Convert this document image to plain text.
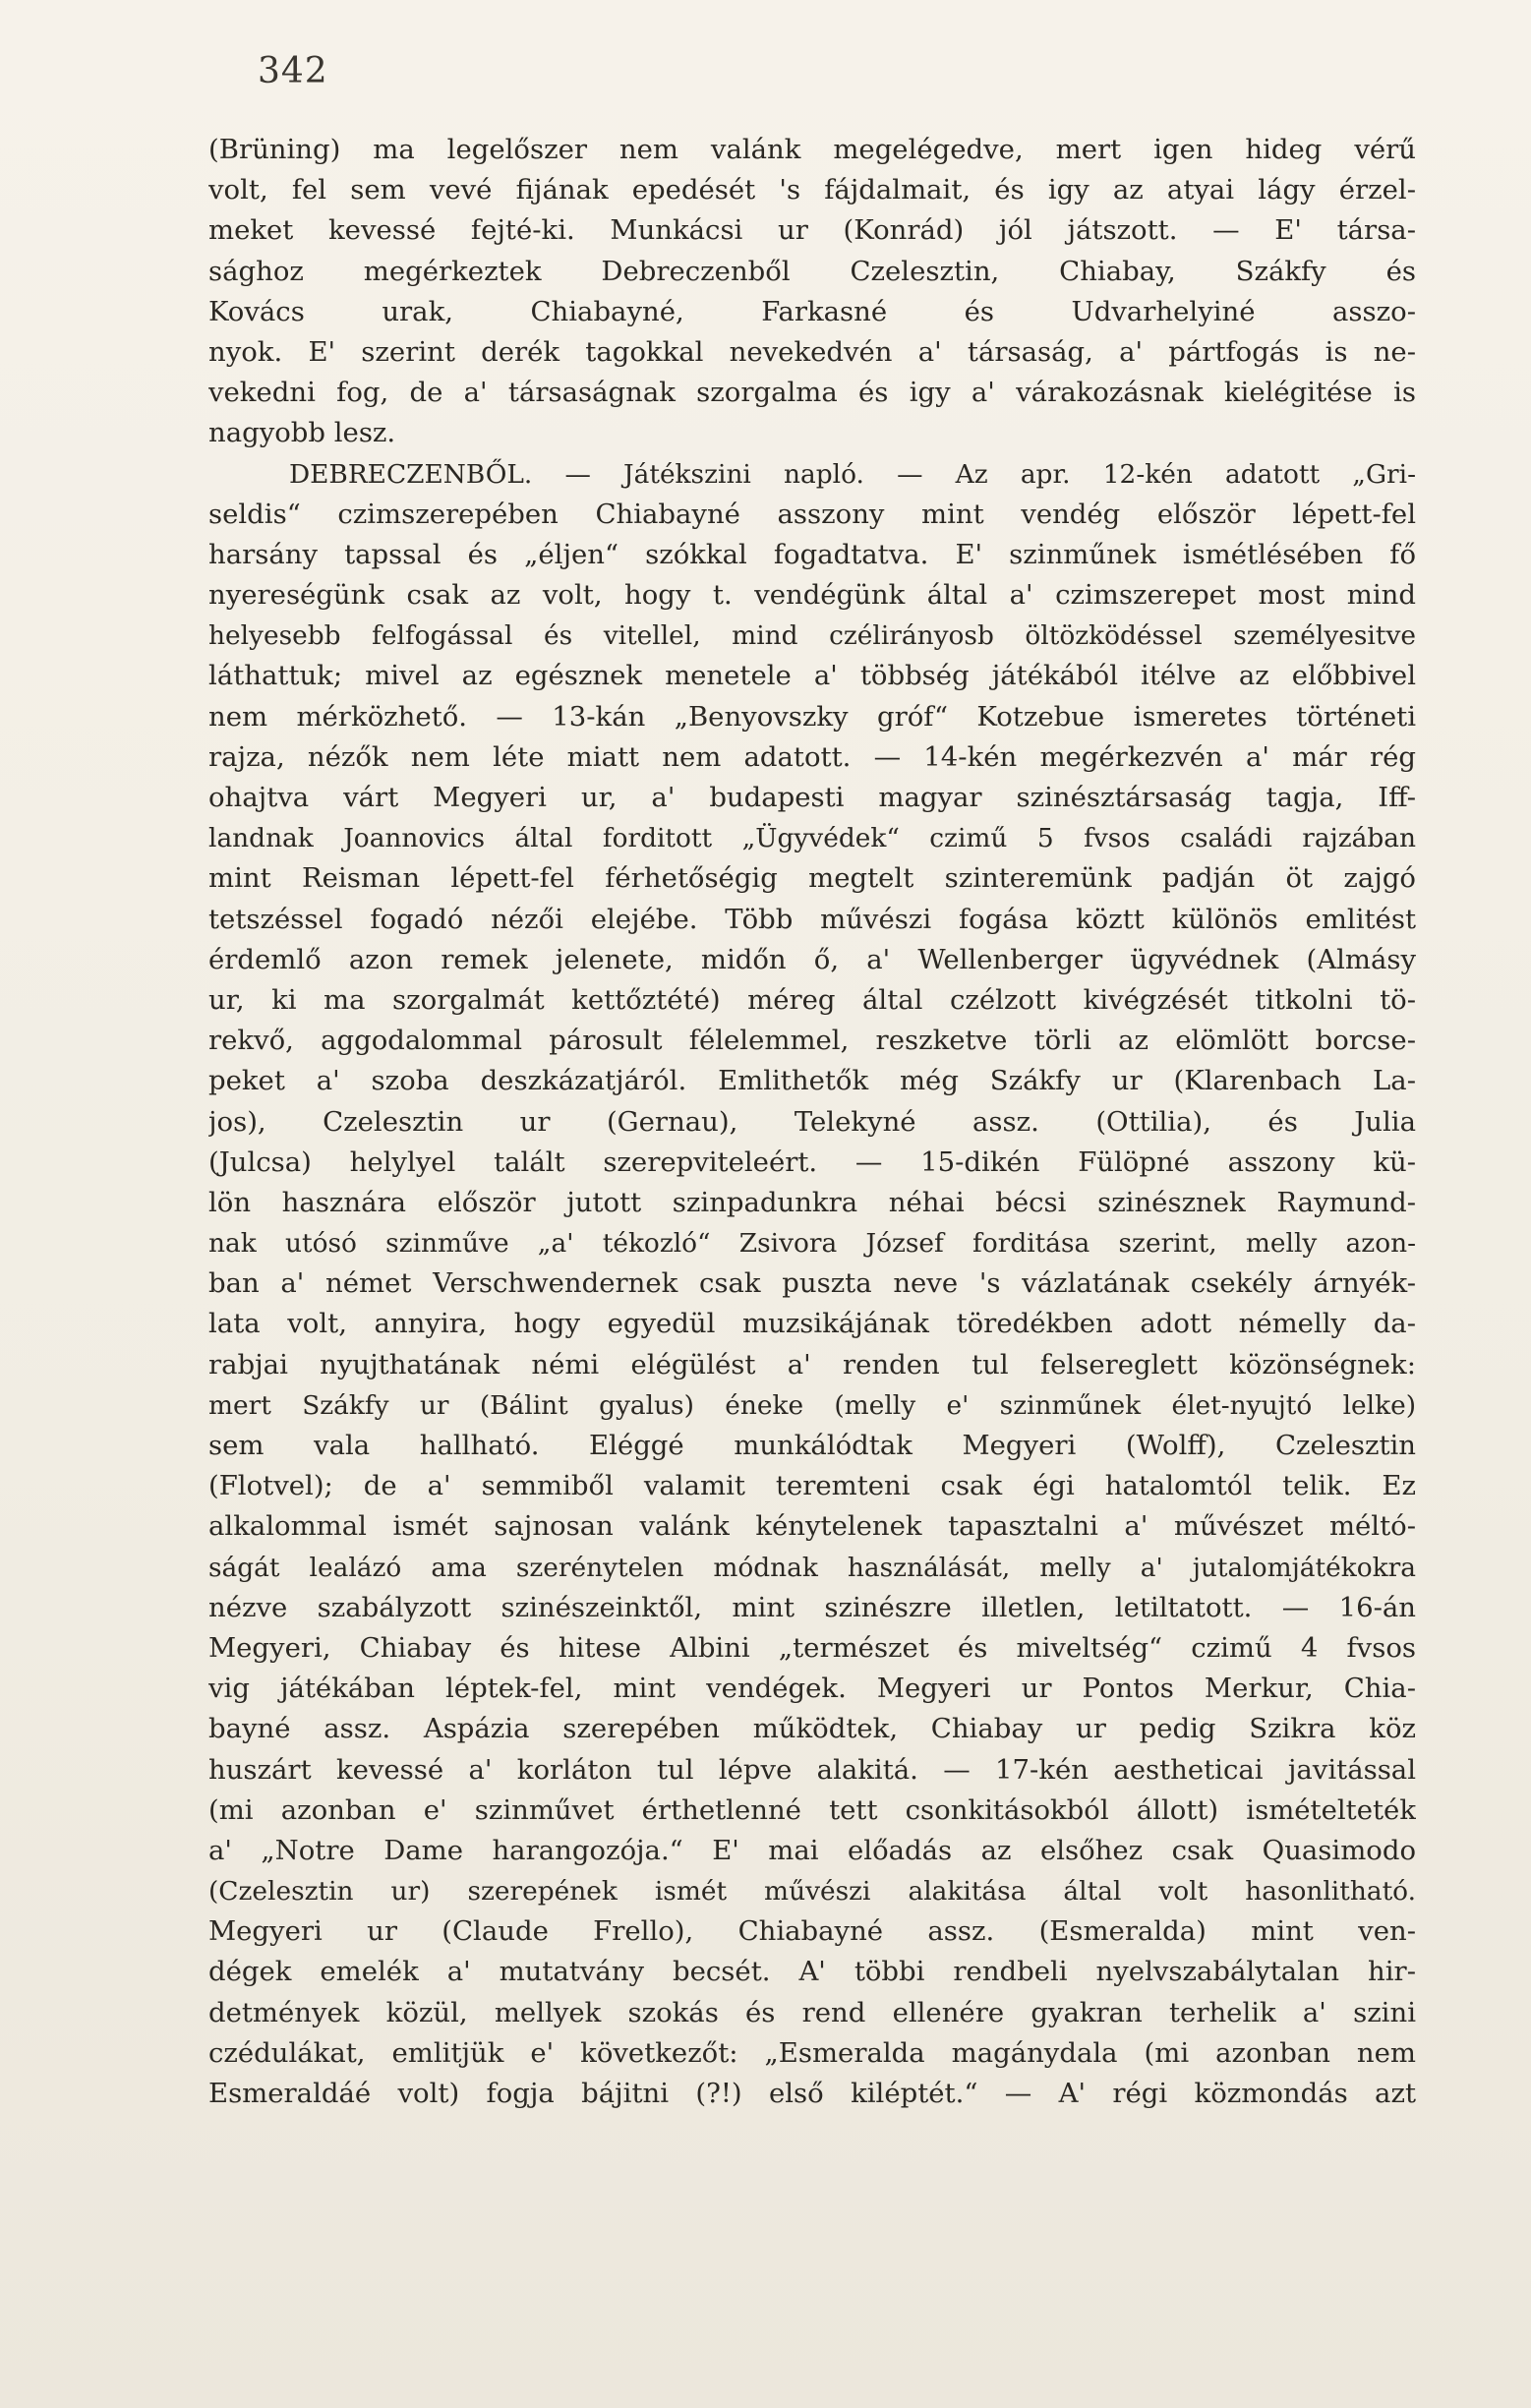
342
(Brüning) ma legelőszer nem valánk megelégedve, mert igen hideg vérű
volt, fel sem vevé fijának epedését 's fájdalmait, és igy az atyai lágy érzel-
meket kevessé fejté-ki. Munkácsi ur (Konrád) jól játszott. — E' társa-
sághoz megérkeztek Debreczenből Czelesztin, Chiabay, Szákfy és
Kovács urak, Chiabayné, Farkasné és Udvarhelyiné asszo-
nyok. E' szerint derék tagokkal nevekedvén a' társaság, a' pártfogás is ne-
vekedni fog, de a' társaságnak szorgalma és igy a' várakozásnak kielégitése is
nagyobb lesz.
DEBRECZENBŐL. — Játékszini napló. — Az apr. 12-kén adatott „Gri-
seldis“ czimszerepében Chiabayné asszony mint vendég először lépett-fel
harsány tapssal és „éljen“ szókkal fogadtatva. E' szinműnek ismétlésében fő
nyereségünk csak az volt, hogy t. vendégünk által a' czimszerepet most mind
helyesebb felfogással és vitellel, mind czélirányosb öltözködéssel személyesitve
láthattuk; mivel az egésznek menetele a' többség játékából itélve az előbbivel
nem mérközhető. — 13-kán „Benyovszky gróf“ Kotzebue ismeretes történeti
rajza, nézők nem léte miatt nem adatott. — 14-kén megérkezvén a' már rég
ohajtva várt Megyeri ur, a' budapesti magyar szinésztársaság tagja, Iff-
landnak Joannovics által forditott „Ügyvédek“ czimű 5 fvsos családi rajzában
mint Reisman lépett-fel férhetőségig megtelt szinteremünk padján öt zajgó
tetszéssel fogadó nézői elejébe. Több művészi fogása köztt különös emlitést
érdemlő azon remek jelenete, midőn ő, a' Wellenberger ügyvédnek (Almásy
ur, ki ma szorgalmát kettőztété) méreg által czélzott kivégzését titkolni tö-
rekvő, aggodalommal párosult félelemmel, reszketve törli az elömlött borcse-
peket a' szoba deszkázatjáról. Emlithetők még Szákfy ur (Klarenbach La-
jos), Czelesztin ur (Gernau), Telekyné assz. (Ottilia), és Julia
(Julcsa) helylyel talált szerepviteleért. — 15-dikén Fülöpné asszony kü-
lön hasznára először jutott szinpadunkra néhai bécsi szinésznek Raymund-
nak utósó szinműve „a' tékozló“ Zsivora József forditása szerint, melly azon-
ban a' német Verschwendernek csak puszta neve 's vázlatának csekély árnyék-
lata volt, annyira, hogy egyedül muzsikájának töredékben adott némelly da-
rabjai nyujthatának némi elégülést a' renden tul felsereglett közönségnek:
mert Szákfy ur (Bálint gyalus) éneke (melly e' szinműnek élet-nyujtó lelke)
sem vala hallható. Eléggé munkálódtak Megyeri (Wolff), Czelesztin
(Flotvel); de a' semmiből valamit teremteni csak égi hatalomtól telik. Ez
alkalommal ismét sajnosan valánk kénytelenek tapasztalni a' művészet méltó-
ságát lealázó ama szerénytelen módnak használását, melly a' jutalomjátékokra
nézve szabályzott szinészeinktől, mint szinészre illetlen, letiltatott. — 16-án
Megyeri, Chiabay és hitese Albini „természet és miveltség“ czimű 4 fvsos
vig játékában léptek-fel, mint vendégek. Megyeri ur Pontos Merkur, Chia-
bayné assz. Aspázia szerepében működtek, Chiabay ur pedig Szikra köz
huszárt kevessé a' korláton tul lépve alakitá. — 17-kén aestheticai javitással
(mi azonban e' szinművet érthetlenné tett csonkitásokból állott) ismételteték
a' „Notre Dame harangozója.“ E' mai előadás az elsőhez csak Quasimodo
(Czelesztin ur) szerepének ismét művészi alakitása által volt hasonlitható.
Megyeri ur (Claude Frello), Chiabayné assz. (Esmeralda) mint ven-
dégek emelék a' mutatvány becsét. A' többi rendbeli nyelvszabálytalan hir-
detmények közül, mellyek szokás és rend ellenére gyakran terhelik a' szini
czédulákat, emlitjük e' következőt: „Esmeralda magánydala (mi azonban nem
Esmeraldáé volt) fogja bájitni (?!) első kiléptét.“ — A' régi közmondás azt
